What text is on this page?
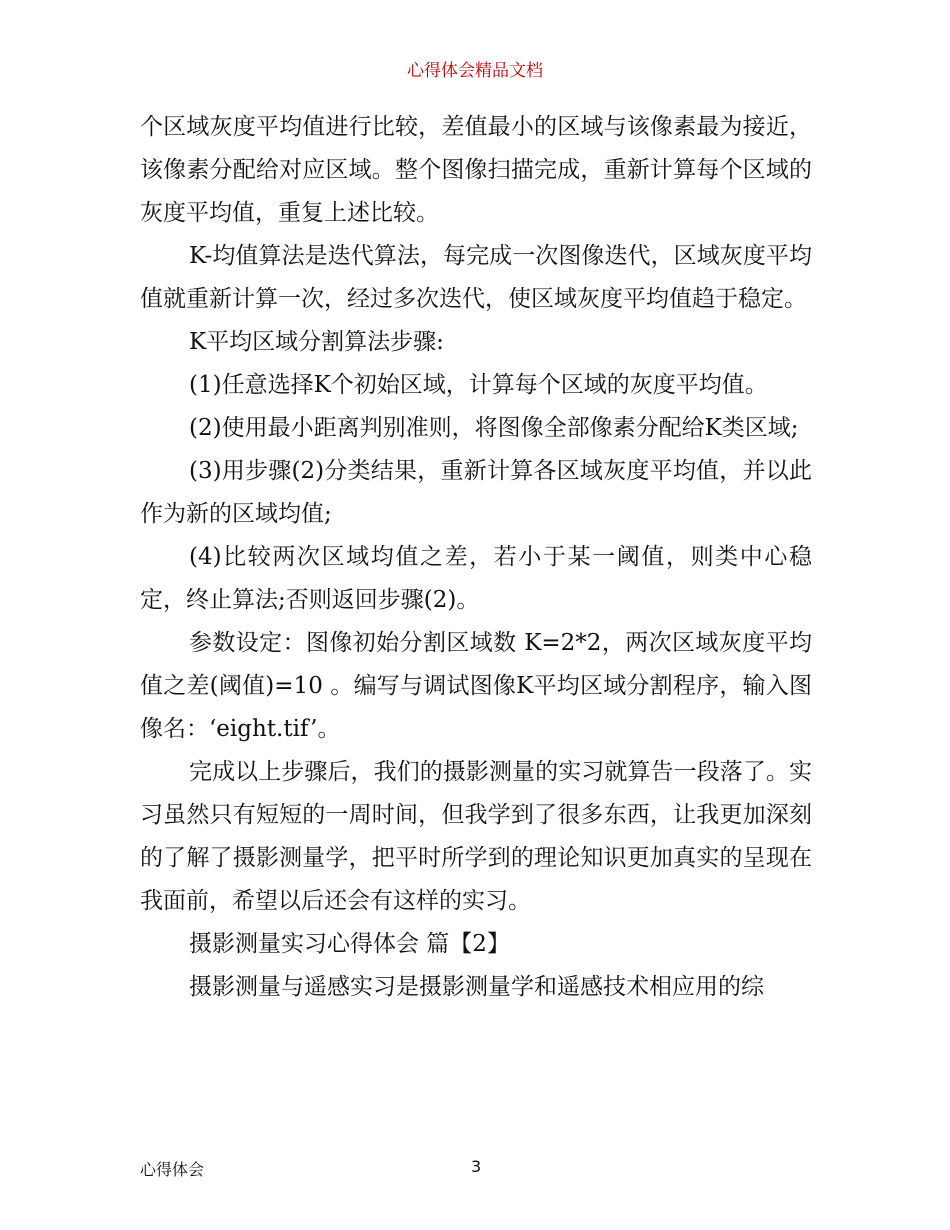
心得体会精品文档

个区域灰度平均值进行比较，差值最小的区域与该像素最为接近，该像素分配给对应区域。整个图像扫描完成，重新计算每个区域的灰度平均值，重复上述比较。

K-均值算法是迭代算法，每完成一次图像迭代，区域灰度平均值就重新计算一次，经过多次迭代，使区域灰度平均值趋于稳定。

K平均区域分割算法步骤:

(1)任意选择K个初始区域，计算每个区域的灰度平均值。

(2)使用最小距离判别准则，将图像全部像素分配给K类区域;

(3)用步骤(2)分类结果，重新计算各区域灰度平均值，并以此作为新的区域均值;

(4)比较两次区域均值之差，若小于某一阈值，则类中心稳定，终止算法;否则返回步骤(2)。

参数设定：图像初始分割区域数 K=2*2，两次区域灰度平均值之差(阈值)=10 。编写与调试图像K平均区域分割程序，输入图像名：‘eight.tif’。

完成以上步骤后，我们的摄影测量的实习就算告一段落了。实习虽然只有短短的一周时间，但我学到了很多东西，让我更加深刻的了解了摄影测量学，把平时所学到的理论知识更加真实的呈现在我面前，希望以后还会有这样的实习。

摄影测量实习心得体会 篇【2】

摄影测量与遥感实习是摄影测量学和遥感技术相应用的综

心得体会	3
